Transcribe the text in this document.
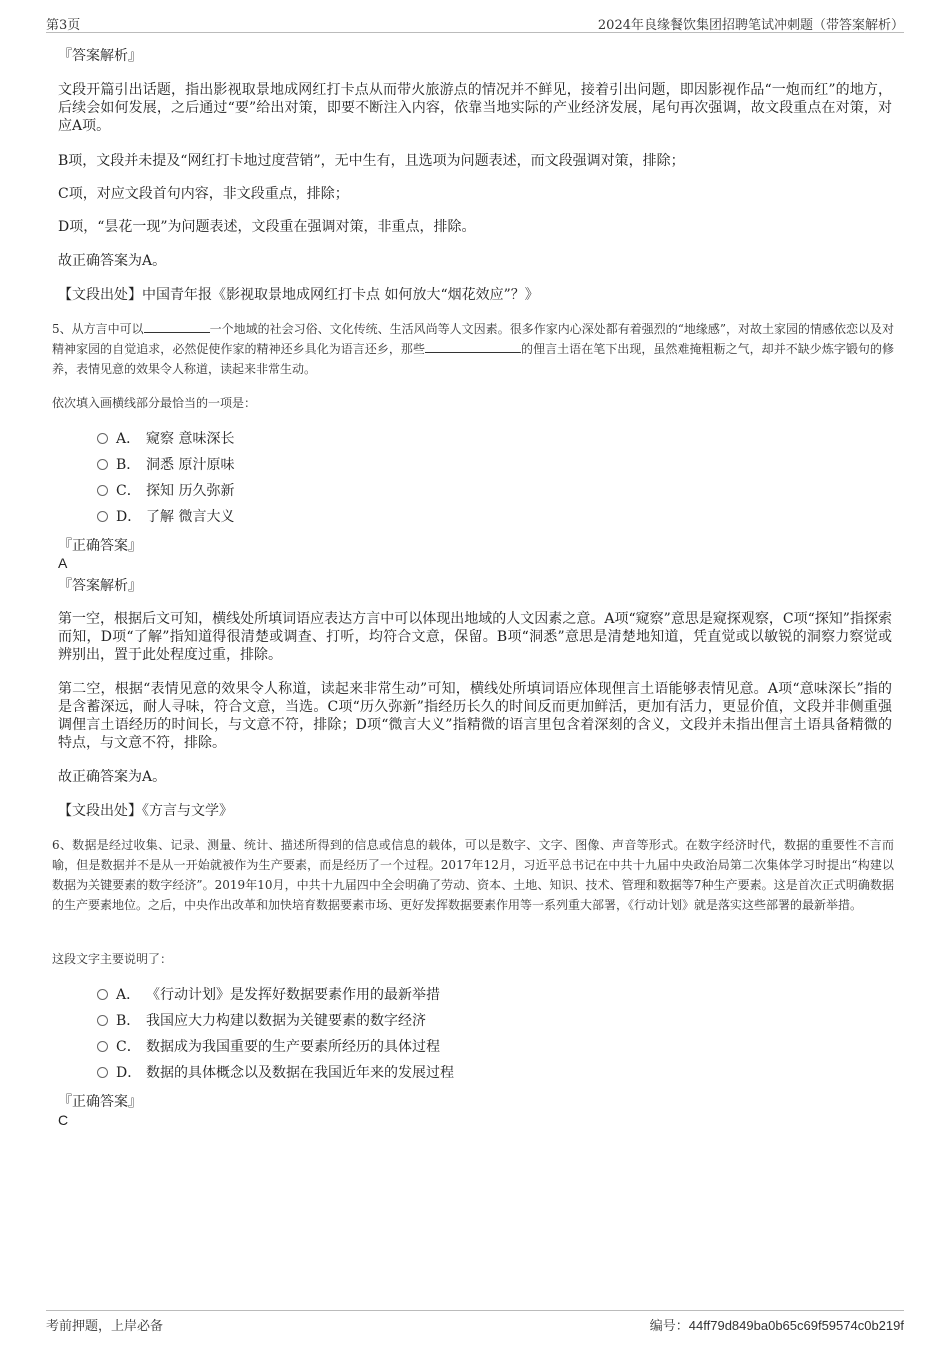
第3页	2024年良缘餐饮集团招聘笔试冲刺题（带答案解析）
『答案解析』
文段开篇引出话题，指出影视取景地成网红打卡点从而带火旅游点的情况并不鲜见，接着引出问题，即因影视作品“一炮而红”的地方，后续会如何发展，之后通过“要”给出对策，即要不断注入内容，依靠当地实际的产业经济发展，尾句再次强调，故文段重点在对策，对应A项。
B项，文段并未提及“网红打卡地过度营销”，无中生有，且选项为问题表述，而文段强调对策，排除；
C项，对应文段首句内容，非文段重点，排除；
D项，“昙花一现”为问题表述，文段重在强调对策，非重点，排除。
故正确答案为A。
【文段出处】中国青年报《影视取景地成网红打卡点 如何放大“烟花效应”？》
5、从方言中可以	一个地域的社会习俗、文化传统、生活风尚等人文因素。很多作家内心深处都有着强烈的“地缘感”，对故土家园的情感依恋以及对精神家园的自觉追求，必然促使作家的精神还乡具化为语言还乡，那些	的俚言土语在笔下出现，虽然难掩粗粝之气，却并不缺少炼字锻句的修养，表情见意的效果令人称道，读起来非常生动。
依次填入画横线部分最恰当的一项是：
A． 窥察 意味深长
B． 洞悉 原汁原味
C． 探知 历久弥新
D． 了解 微言大义
『正确答案』
A
『答案解析』
第一空，根据后文可知，横线处所填词语应表达方言中可以体现出地域的人文因素之意。A项“窥察”意思是窥探观察，C项“探知”指探索而知，D项“了解”指知道得很清楚或调查、打听，均符合文意，保留。B项“洞悉”意思是清楚地知道，凭直觉或以敏锐的洞察力察觉或辨别出，置于此处程度过重，排除。
第二空，根据“表情见意的效果令人称道，读起来非常生动”可知，横线处所填词语应体现俚言土语能够表情见意。A项“意味深长”指的是含蓄深远，耐人寻味，符合文意，当选。C项“历久弥新”指经历长久的时间反而更加鲜活，更加有活力，更显价值，文段并非侧重强调俚言土语经历的时间长，与文意不符，排除；D项“微言大义”指精微的语言里包含着深刻的含义，文段并未指出俚言土语具备精微的特点，与文意不符，排除。
故正确答案为A。
【文段出处】《方言与文学》
6、数据是经过收集、记录、测量、统计、描述所得到的信息或信息的载体，可以是数字、文字、图像、声音等形式。在数字经济时代，数据的重要性不言而喻，但是数据并不是从一开始就被作为生产要素，而是经历了一个过程。2017年12月，习近平总书记在中共十九届中央政治局第二次集体学习时提出“构建以数据为关键要素的数字经济”。2019年10月，中共十九届四中全会明确了劳动、资本、土地、知识、技术、管理和数据等7种生产要素。这是首次正式明确数据的生产要素地位。之后，中央作出改革和加快培育数据要素市场、更好发挥数据要素作用等一系列重大部署，《行动计划》就是落实这些部署的最新举措。
这段文字主要说明了：
A． 《行动计划》是发挥好数据要素作用的最新举措
B． 我国应大力构建以数据为关键要素的数字经济
C． 数据成为我国重要的生产要素所经历的具体过程
D． 数据的具体概念以及数据在我国近年来的发展过程
『正确答案』
C
考前押题，上岸必备	编号：44ff79d849ba0b65c69f59574c0b219f
